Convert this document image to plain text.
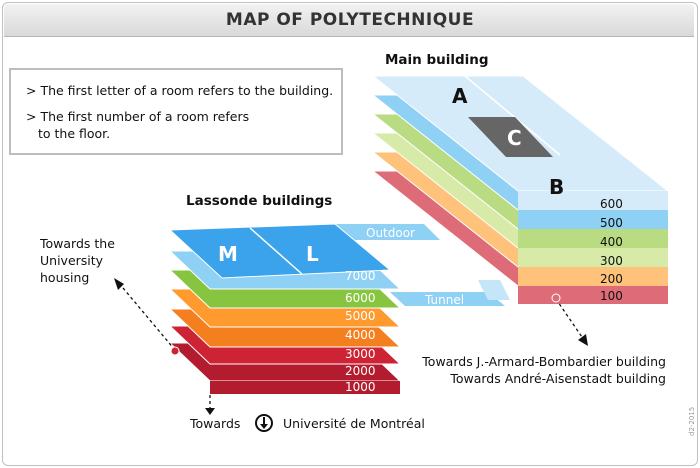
MAP OF POLYTECHNIQUE
> The first letter of a room refers to the building.
> The first number of a room refers
to the floor.
Main building
Lassonde buildings
A
C
B
M	L
600
500
400
300
200
100
7000
6000
5000
4000
3000
2000
1000
Outdoor
Tunnel
Towards the
University
housing
Towards J.-Armard-Bombardier building
Towards André-Aisenstadt building
Towards	Université de Montréal	d2-2015
